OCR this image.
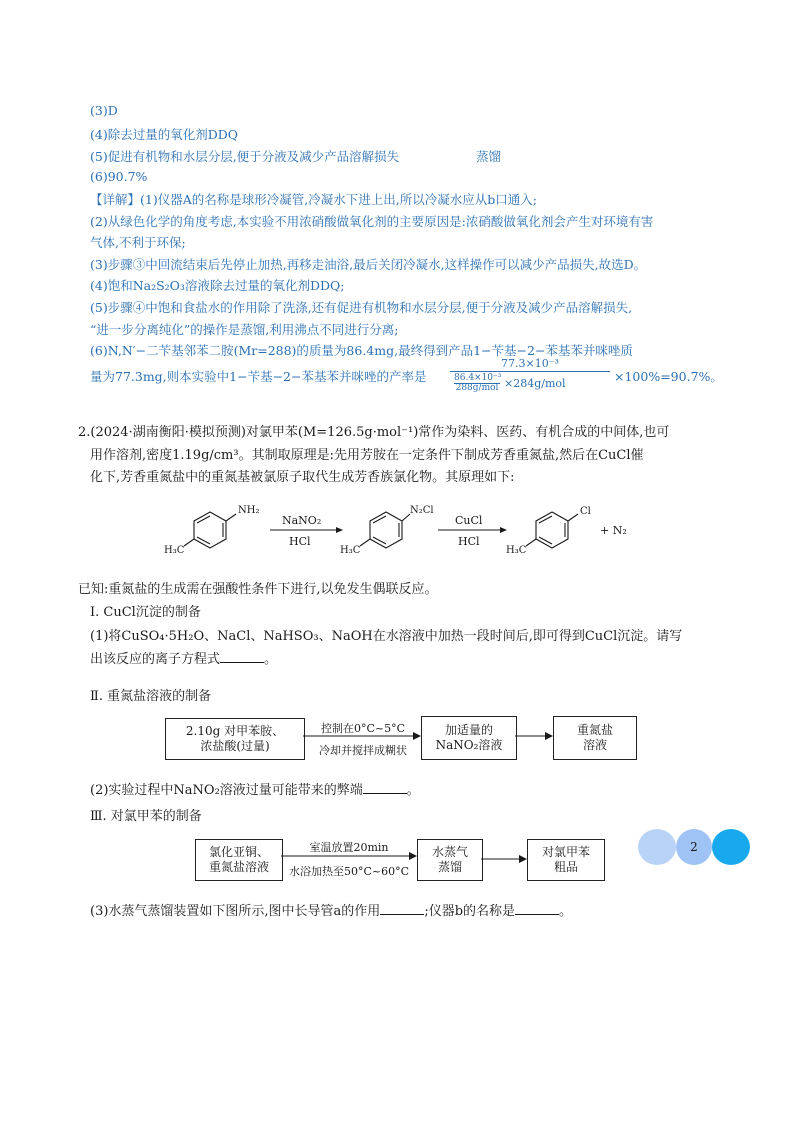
(3)D
(4)除去过量的氧化剂DDQ
(5)促进有机物和水层分层,便于分液及减少产品溶解损失	蒸馏
(6)90.7%
【详解】(1)仪器A的名称是球形冷凝管,冷凝水下进上出,所以冷凝水应从b口通入;
(2)从绿色化学的角度考虑,本实验不用浓硝酸做氧化剂的主要原因是:浓硝酸做氧化剂会产生对环境有害
气体,不利于环保;
(3)步骤③中回流结束后先停止加热,再移走油浴,最后关闭冷凝水,这样操作可以减少产品损失,故选D。
(4)饱和Na₂S₂O₃溶液除去过量的氧化剂DDQ;
(5)步骤④中饱和食盐水的作用除了洗涤,还有促进有机物和水层分层,便于分液及减少产品溶解损失,
“进一步分离纯化”的操作是蒸馏,利用沸点不同进行分离;
(6)N,N′−二苄基邻苯二胺(Mr=288)的质量为86.4mg,最终得到产品1−苄基−2−苯基苯并咪唑质
量为77.3mg,则本实验中1−苄基−2−苯基苯并咪唑的产率是
77.3×10⁻³
86.4×10⁻³
288g/mol ×284g/mol	×100%=90.7%。
2.(2024·湖南衡阳·模拟预测)对氯甲苯(M=126.5g·mol⁻¹)常作为染料、医药、有机合成的中间体,也可
用作溶剂,密度1.19g/cm³。其制取原理是:先用芳胺在一定条件下制成芳香重氮盐,然后在CuCl催
化下,芳香重氮盐中的重氮基被氯原子取代生成芳香族氯化物。其原理如下:
NH₂
H₃C
NaNO₂
HCl
N₂Cl
H₃C
CuCl
HCl
Cl
H₃C
+ N₂
已知:重氮盐的生成需在强酸性条件下进行,以免发生偶联反应。
Ⅰ. CuCl沉淀的制备
(1)将CuSO₄·5H₂O、NaCl、NaHSO₃、NaOH在水溶液中加热一段时间后,即可得到CuCl沉淀。请写
出该反应的离子方程式	。
Ⅱ. 重氮盐溶液的制备
2.10g 对甲苯胺、
浓盐酸(过量)
控制在0°C~5°C
冷却并搅拌成糊状
加适量的
NaNO₂溶液
重氮盐
溶液
(2)实验过程中NaNO₂溶液过量可能带来的弊端	。
Ⅲ. 对氯甲苯的制备
氯化亚铜、
重氮盐溶液
室温放置20min
水浴加热至50°C~60°C
水蒸气
蒸馏
对氯甲苯
粗品
(3)水蒸气蒸馏装置如下图所示,图中长导管a的作用	;仪器b的名称是	。
2
